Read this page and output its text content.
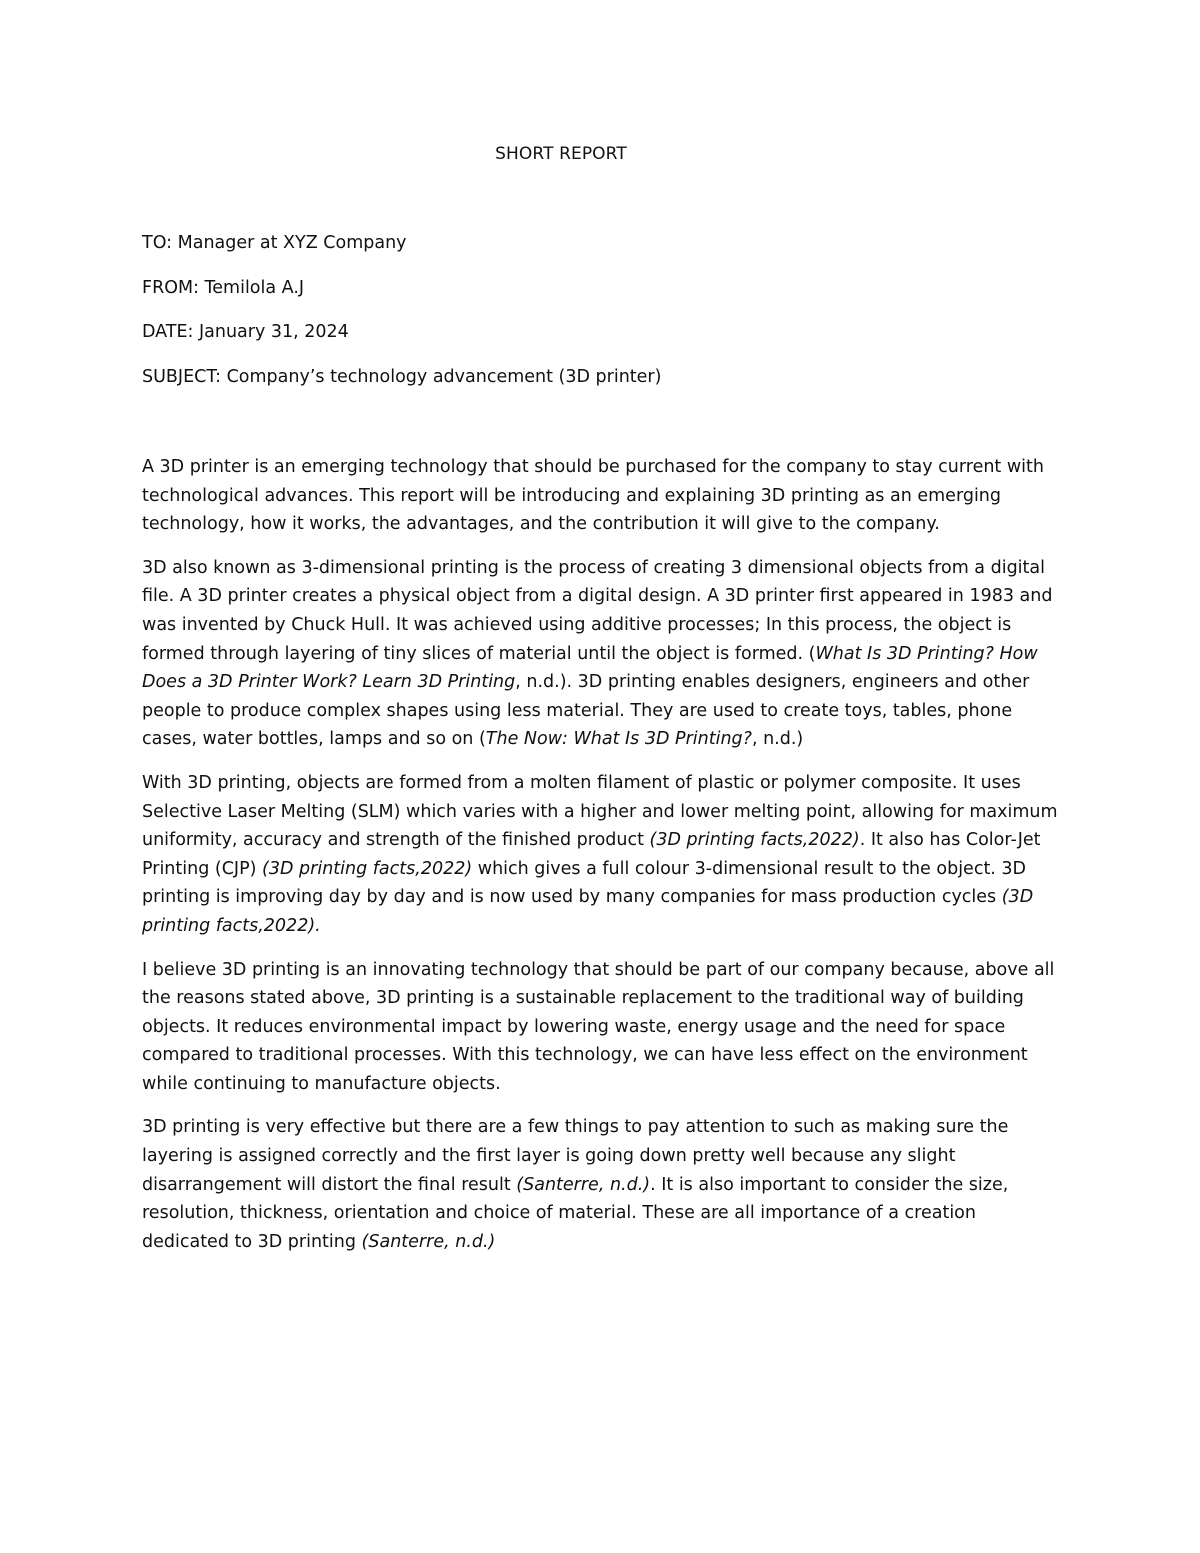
SHORT REPORT
TO: Manager at XYZ Company
FROM: Temilola A.J
DATE: January 31, 2024
SUBJECT: Company’s technology advancement (3D printer)

A 3D printer is an emerging technology that should be purchased for the company to stay current with
technological advances. This report will be introducing and explaining 3D printing as an emerging
technology, how it works, the advantages, and the contribution it will give to the company.

3D also known as 3-dimensional printing is the process of creating 3 dimensional objects from a digital
file. A 3D printer creates a physical object from a digital design. A 3D printer first appeared in 1983 and
was invented by Chuck Hull. It was achieved using additive processes; In this process, the object is
formed through layering of tiny slices of material until the object is formed. (What Is 3D Printing? How
Does a 3D Printer Work? Learn 3D Printing, n.d.). 3D printing enables designers, engineers and other
people to produce complex shapes using less material. They are used to create toys, tables, phone
cases, water bottles, lamps and so on (The Now: What Is 3D Printing?, n.d.)

With 3D printing, objects are formed from a molten filament of plastic or polymer composite. It uses
Selective Laser Melting (SLM) which varies with a higher and lower melting point, allowing for maximum
uniformity, accuracy and strength of the finished product (3D printing facts,2022). It also has Color-Jet
Printing (CJP) (3D printing facts,2022) which gives a full colour 3-dimensional result to the object. 3D
printing is improving day by day and is now used by many companies for mass production cycles (3D
printing facts,2022).

I believe 3D printing is an innovating technology that should be part of our company because, above all
the reasons stated above, 3D printing is a sustainable replacement to the traditional way of building
objects. It reduces environmental impact by lowering waste, energy usage and the need for space
compared to traditional processes. With this technology, we can have less effect on the environment
while continuing to manufacture objects.

3D printing is very effective but there are a few things to pay attention to such as making sure the
layering is assigned correctly and the first layer is going down pretty well because any slight
disarrangement will distort the final result (Santerre, n.d.). It is also important to consider the size,
resolution, thickness, orientation and choice of material. These are all importance of a creation
dedicated to 3D printing (Santerre, n.d.)
